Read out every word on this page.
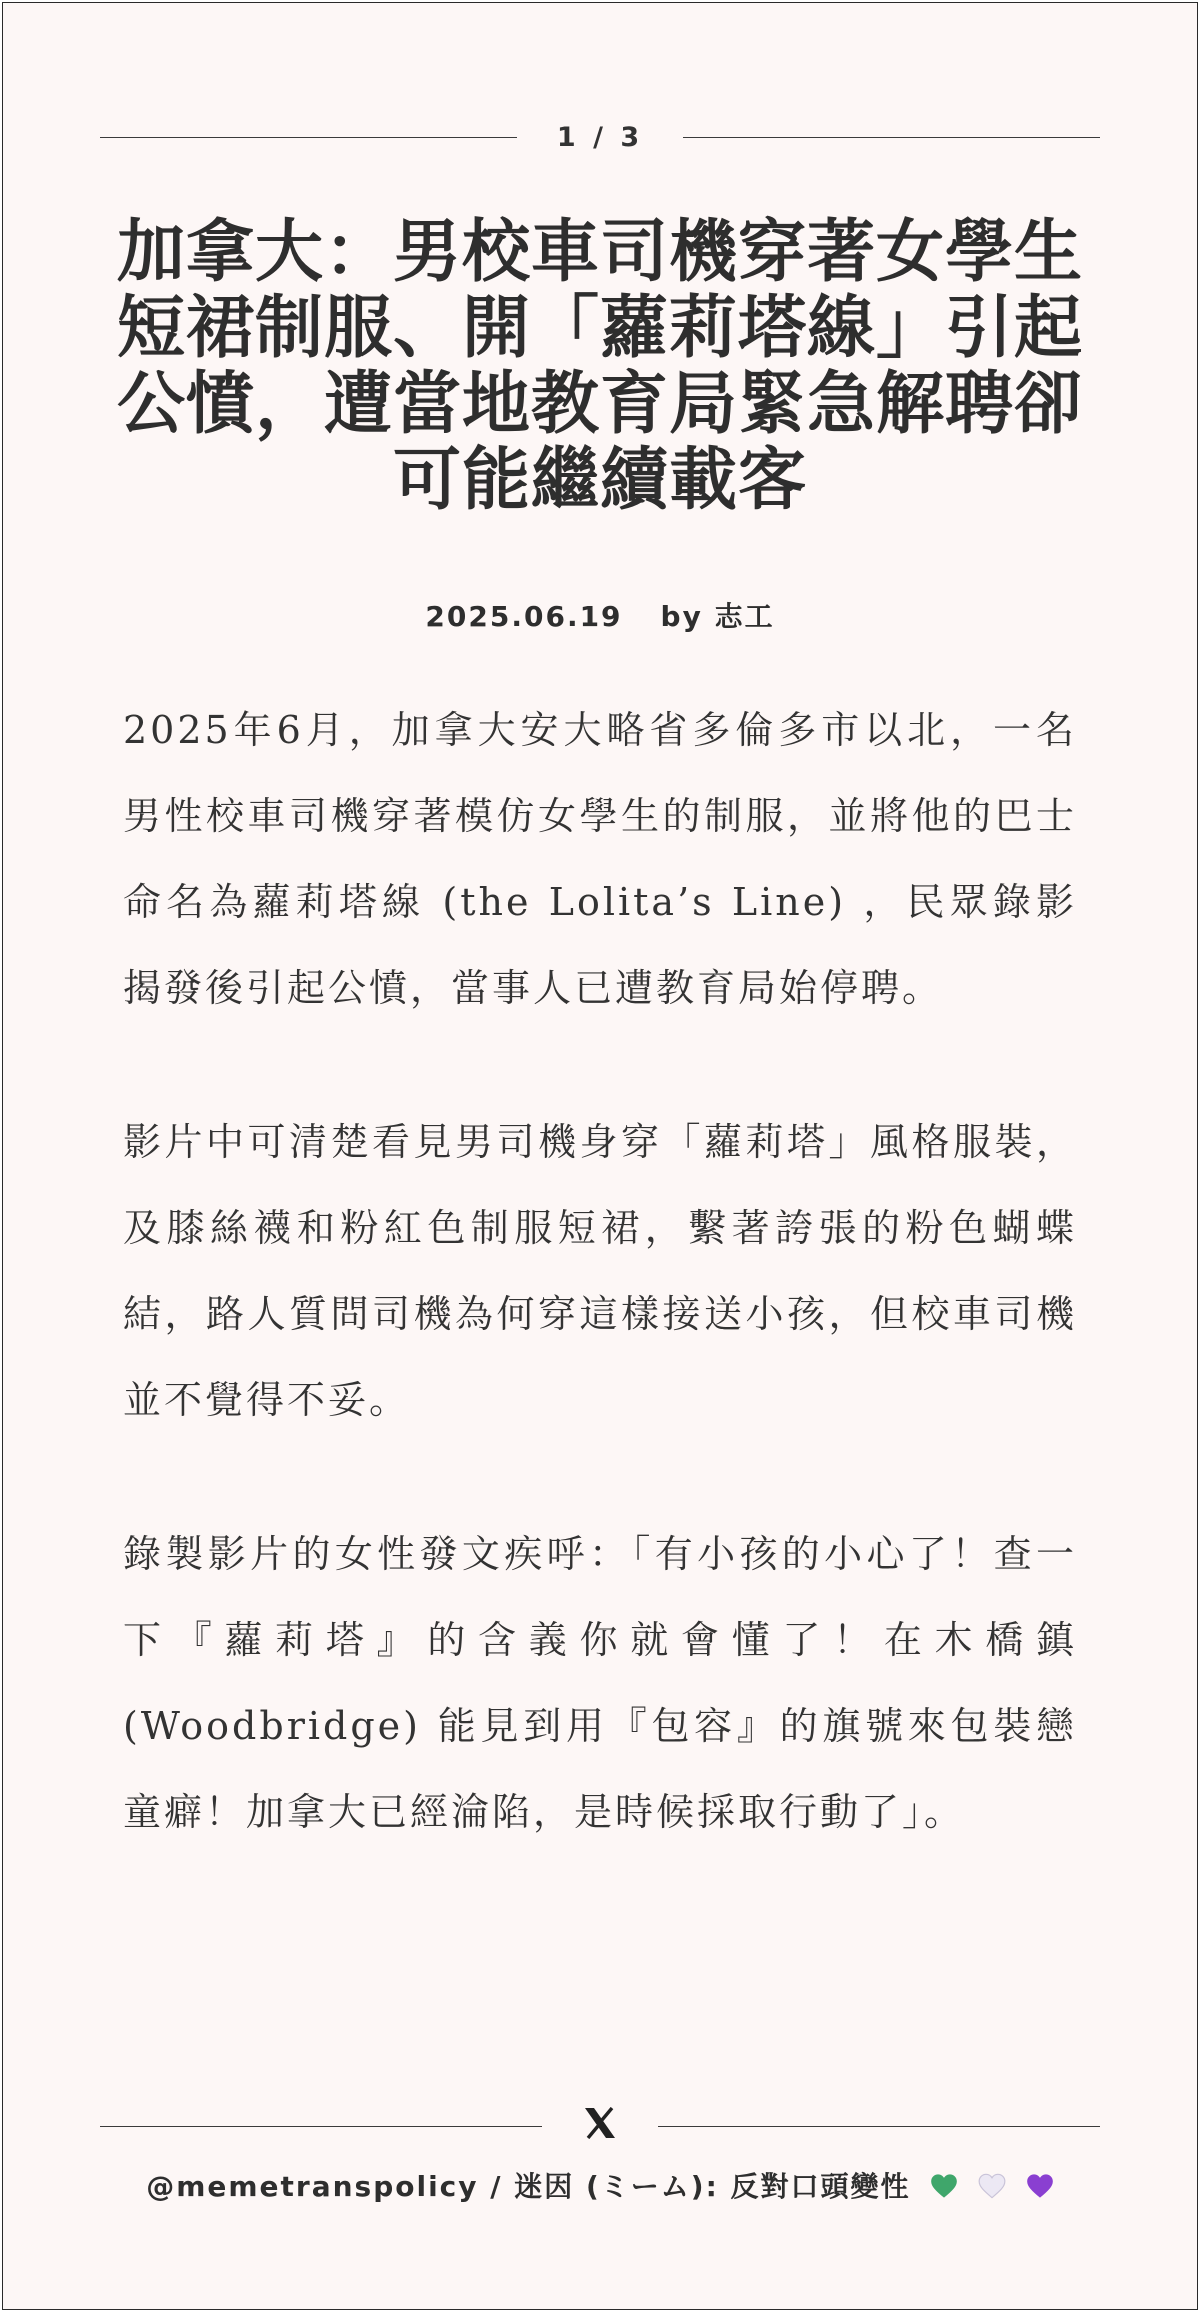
1 / 3
加拿大：男校車司機穿著女學生短裙制服、開「蘿莉塔線」引起公憤，遭當地教育局緊急解聘卻可能繼續載客
2025.06.19 by 志工

2025年6月，加拿大安大略省多倫多市以北，一名男性校車司機穿著模仿女學生的制服，並將他的巴士命名為蘿莉塔線 (the Lolita’s Line) ，民眾錄影揭發後引起公憤，當事人已遭教育局始停聘。

影片中可清楚看見男司機身穿「蘿莉塔」風格服裝，及膝絲襪和粉紅色制服短裙，繫著誇張的粉色蝴蝶結，路人質問司機為何穿這樣接送小孩，但校車司機並不覺得不妥。

錄製影片的女性發文疾呼：「有小孩的小心了！查一下『蘿莉塔』的含義你就會懂了！在木橋鎮 (Woodbridge) 能見到用『包容』的旗號來包裝戀童癖！加拿大已經淪陷，是時候採取行動了」。

@memetranspolicy / 迷因 (ミーム): 反對口頭變性
